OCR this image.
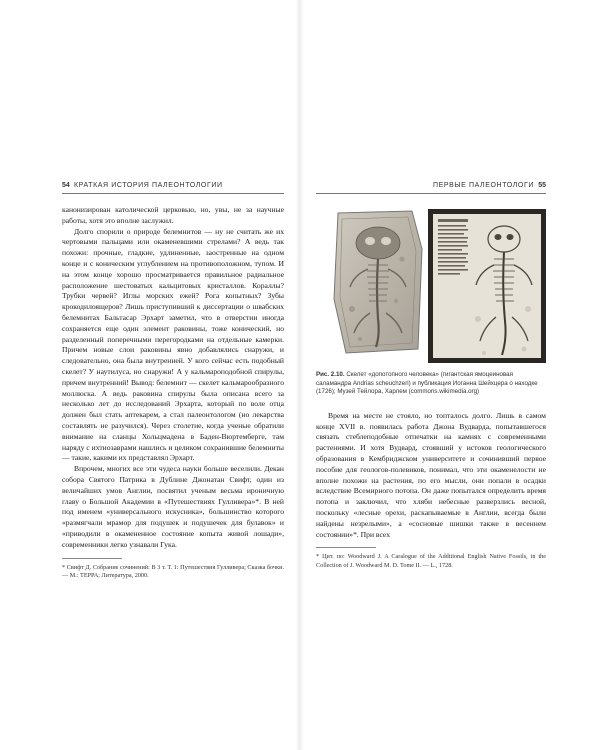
54 КРАТКАЯ ИСТОРИЯ ПАЛЕОНТОЛОГИИ

канонизирован католической церковью, но, увы, не за научные работы, хотя это вполне заслужил.

Долго спорили о природе белемнитов — ну не считать же их чертовыми пальцами или окаменевшими стрелами? А ведь так похожи: прочные, гладкие, удлиненные, заостренные на одном конце и с коническим углублением на противоположном, тупом. И на этом конце хорошо просматривается правильное радиальное расположение шестоватых кальцитовых кристаллов. Кораллы? Трубки червей? Иглы морских ежей? Рога копытных? Зубы крокодилоящеров? Лишь приступивший к диссертации о швабских белемнитах Бальтасар Эрхарт заметил, что в отверстии иногда сохраняется еще один элемент раковины, тоже конический, но разделенный поперечными перегородками на отдельные камерки. Причем новые слои раковины явно добавлялись снаружи, и следовательно, она была внутренней. У кого сейчас есть подобный скелет? У наутилуса, но снаружи! А у кальмароподобной спирулы, причем внутренний! Вывод: белемнит — скелет кальмарообразного моллюска. А ведь раковина спирулы была описана всего за несколько лет до исследований Эрхарта, который по воле отца должен был стать аптекарем, а стал палеонтологом (но лекарства составлять не разучился). Через столетие, когда ученые обратили внимание на сланцы Хольцмадена в Баден-Вюртемберге, там наряду с ихтиозаврами нашлись и целиком сохранившие белемниты — такие, какими их представлял Эрхарт.

Впрочем, многих все эти чудеса науки больше веселили. Декан собора Святого Патрика в Дублине Джонатан Свифт, один из величайших умов Англии, посвятил ученым весьма ироничную главу о Большой Академии в «Путешествиях Гулливера»*. В ней под именем «универсального искусника», большинство которого «размягчали мрамор для подушек и подушечек для булавок» и «приводили в окамененное состояние копыта живой лошади», современники легко узнавали Гука.

* Свифт Д. Собрание сочинений: В 3 т. Т. 1: Путешествия Гулливера; Сказка бочки. — М.: ТЕРРА; Литература, 2000.
ПЕРВЫЕ ПАЛЕОНТОЛОГИ 55
Рис. 2.10. Скелет «допотопного человека» (гигантская ямоцеиновая саламандра Andrias scheuchzeri) и публикация Иоганна Шейхцера о находке (1726); Музей Тейлора, Харлем (commons.wikimedia.org)

Время на месте не стояло, но топталось долго. Лишь в самом конце XVII в. появилась работа Джона Вудварда, попытавшегося связать стеблеподобные отпечатки на камнях с современными растениями. И хотя Вудвард, стоявший у истоков геологического образования в Кембриджском университете и сочинивший первое пособие для геологов-полевиков, понимал, что эти окаменелости не вполне похожи на растения, по его мысли, они попали в осадки вследствие Всемирного потопа. Он даже попытался определить время потопа и заключил, что хляби небесные разверзлись весной, поскольку «лесные орехи, раскапываемые в Англии, всегда были найдены незрелыми», а «сосновые шишки также в весеннем состоянии»*. При всех

* Цит. по: Woodward J. A Caralogue of the Additional English Native Fossils, in the Collection of J. Woodward M. D. Tome II. — L., 1728.
